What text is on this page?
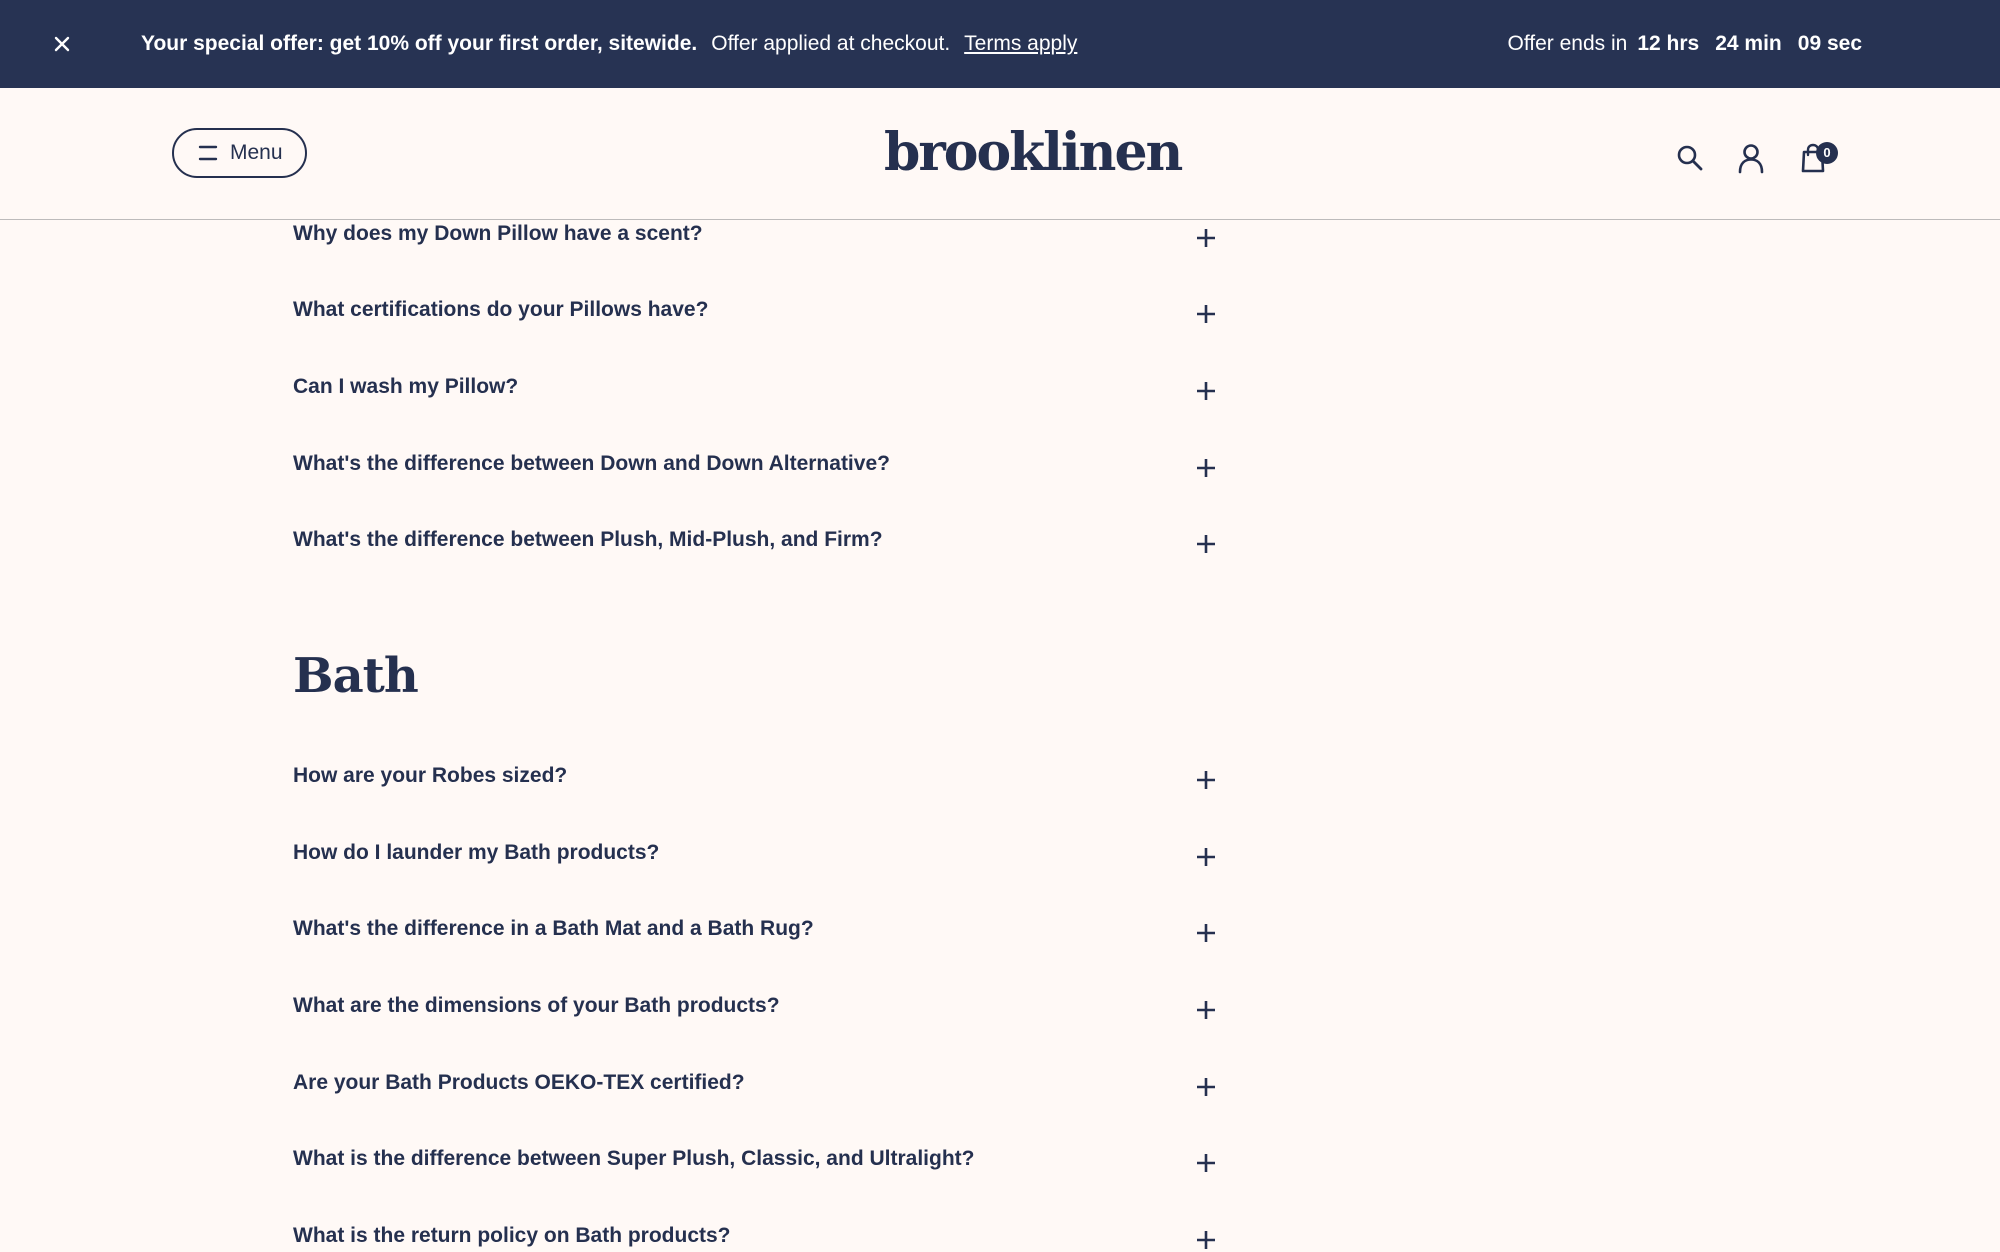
Your special offer: get 10% off your first order, sitewide. Offer applied at checkout. Terms apply	Offer ends in 12 hrs 24 min 09 sec
Menu	brooklinen	0
Why does my Down Pillow have a scent?
What certifications do your Pillows have?
Can I wash my Pillow?
What's the difference between Down and Down Alternative?
What's the difference between Plush, Mid-Plush, and Firm?
Bath
How are your Robes sized?
How do I launder my Bath products?
What's the difference in a Bath Mat and a Bath Rug?
What are the dimensions of your Bath products?
Are your Bath Products OEKO-TEX certified?
What is the difference between Super Plush, Classic, and Ultralight?
What is the return policy on Bath products?
